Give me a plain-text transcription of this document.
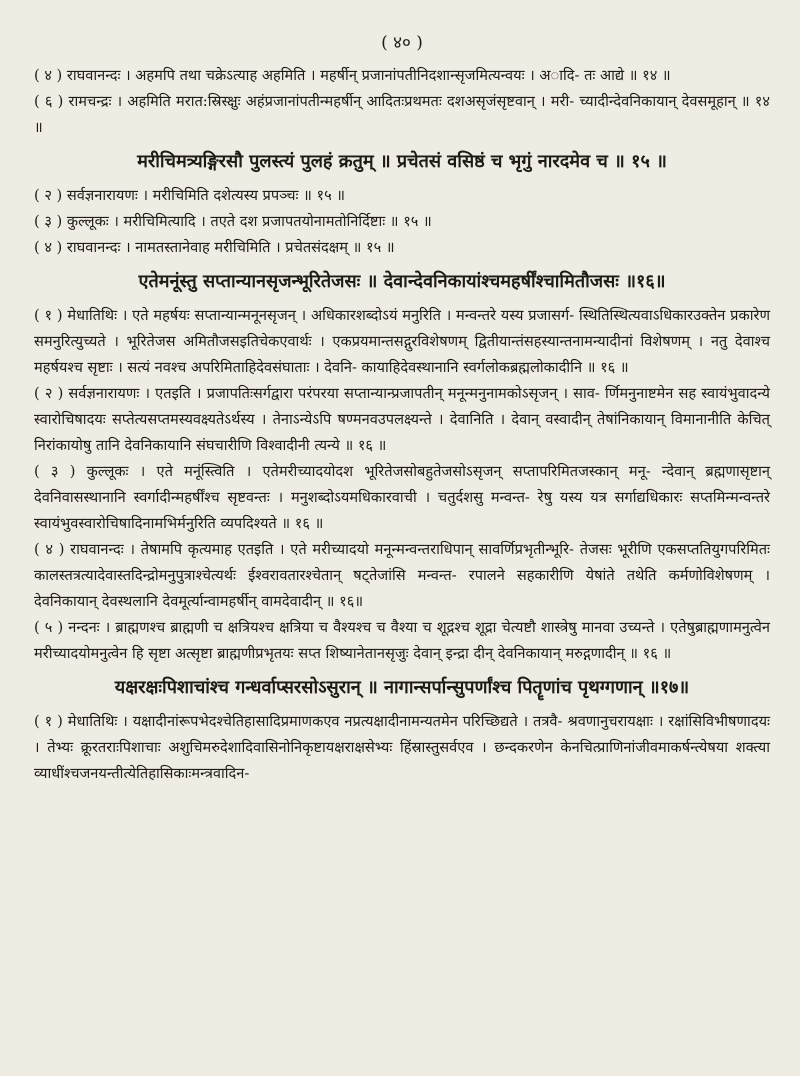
( ४० )

( ४ ) राघवानन्दः । अहमपि तथा चक्रेऽत्याह अहमिति । महर्षीन् प्रजानांपतीनिदशान्सृजमित्यन्वयः । अादि- तः आद्ये ॥ १४ ॥

( ६ ) रामचन्द्रः । अहमिति मरात:स्रिस्क्षुः अहंप्रजानांपतीन्महर्षीन् आदितःप्रथमतः दशअसृजंसृष्टवान् । मरी- च्यादीन्देवनिकायान् देवसमूहान् ॥ १४ ॥

मरीचिमत्र्यङ्गिरसौ पुलस्त्यं पुलहं क्रतुम् ॥ प्रचेतसं वसिष्ठं च भृगुं नारदमेव च ॥ १५ ॥

( २ ) सर्वज्ञनारायणः । मरीचिमिति दशेत्यस्य प्रपञ्चः ॥ १५ ॥

( ३ ) कुल्लूकः । मरीचिमित्यादि । तएते दश प्रजापतयोनामतोनिर्दिष्टाः ॥ १५ ॥

( ४ ) राघवानन्दः । नामतस्तानेवाह मरीचिमिति । प्रचेतसंदक्षम् ॥ १५ ॥

एतेमनूंस्तु सप्तान्यानसृजन्भूरितेजसः ॥ देवान्देवनिकायांश्चमहर्षींश्चामितौजसः ॥१६॥

( १ ) मेधातिथिः । एते महर्षयः सप्तान्यान्मनूनसृजन् । अधिकारशब्दोऽयं मनुरिति । मन्वन्तरे यस्य प्रजासर्ग- स्थितिस्थित्यवाऽधिकारउक्तेन प्रकारेण समनुरित्युच्यते । भूरितेजस अमितौजसइतिचेकएवार्थः । एकप्रयमान्तसद्गुरविशेषणम् द्वितीयान्तंसहस्यान्तनामन्यादीनां विशेषणम् । नतु देवाश्च महर्षयश्च सृष्टाः । सत्यं नवश्च अपरिमिताहिदेवसंघाताः । देवनि- कायाहिदेवस्थानानि स्वर्गलोकब्रह्मलोकादीनि ॥ १६ ॥

( २ ) सर्वज्ञनारायणः । एतइति । प्रजापतिःसर्गद्वारा परंपरया सप्तान्यान्प्रजापतीन् मनून्मनुनामकोऽसृजन् । साव- र्णिमनुनाष्टमेन सह स्वायंभुवादन्ये स्वारोचिषादयः सप्तेत्यसप्तमस्यवक्ष्यतेऽर्थस्य । तेनाऽन्येऽपि षण्मनवउपलक्ष्यन्ते । देवानिति । देवान् वस्वादीन् तेषांनिकायान् विमानानीति केचित् निरांकायोषु तानि देवनिकायानि संघचारीणि विश्वादीनी त्यन्ये ॥ १६ ॥

( ३ ) कुल्लूकः । एते मनूंस्त्विति । एतेमरीच्यादयोदश भूरितेजसोबहुतेजसोऽसृजन् सप्तापरिमितजस्कान् मनू- न्देवान् ब्रह्मणासृष्टान् देवनिवासस्थानानि स्वर्गादीन्महर्षींश्च सृष्टवन्तः । मनुशब्दोऽयमधिकारवाची । चतुर्दशसु मन्वन्त- रेषु यस्य यत्र सर्गाद्यधिकारः सप्तमिन्मन्वन्तरे स्वायंभुवस्वारोचिषादिनामभिर्मनुरिति व्यपदिश्यते ॥ १६ ॥

( ४ ) राघवानन्दः । तेषामपि कृत्यमाह एतइति । एते मरीच्यादयो मनून्मन्वन्तराधिपान् सावर्णिप्रभृतीन्भूरि- तेजसः भूरीणि एकसप्ततियुगपरिमितः कालस्तत्रत्यादेवास्तदिन्द्रोमनुपुत्राश्चेत्यर्थः ईश्वरावतारश्चेतान् षट्तेजांसि मन्वन्त- रपालने सहकारीणि येषांते तथेति कर्मणोविशेषणम् । देवनिकायान् देवस्थलानि देवमूर्त्यान्वामहर्षीन् वामदेवादीन् ॥ १६॥

( ५ ) नन्दनः । ब्राह्मणश्च ब्राह्मणी च क्षत्रियश्च क्षत्रिया च वैश्यश्च च वैश्या च शूद्रश्च शूद्रा चेत्यष्टौ शास्त्रेषु मानवा उच्यन्ते । एतेषुब्राह्मणामनुत्वेन मरीच्यादयोमनुत्वेन हि सृष्टा अत्सृष्टा ब्राह्मणीप्रभृतयः सप्त शिष्यानेतानसृजुः देवान् इन्द्रा दीन् देवनिकायान् मरुद्गणादीन् ॥ १६ ॥

यक्षरक्षःपिशाचांश्च गन्धर्वाप्सरसोऽसुरान् ॥ नागान्सर्पान्सुपर्णांश्च पितॄणांच पृथग्गणान् ॥१७॥

( १ ) मेधातिथिः । यक्षादीनांरूपभेदश्चेतिहासादिप्रमाणकएव नप्रत्यक्षादीनामन्यतमेन परिच्छिद्यते । तत्रवै- श्रवणानुचरायक्षाः । रक्षांसिविभीषणादयः । तेभ्यः क्रूरतराःपिशाचाः अशुचिमरुदेशादिवासिनोनिकृष्टायक्षराक्षसेभ्यः हिंस्रास्तुसर्वएव । छन्दकरणेन केनचित्प्राणिनांजीवमाकर्षन्त्येषया शक्त्या व्याधींश्चजनयन्तीत्येतिहासिकाःमन्त्रवादिन-
